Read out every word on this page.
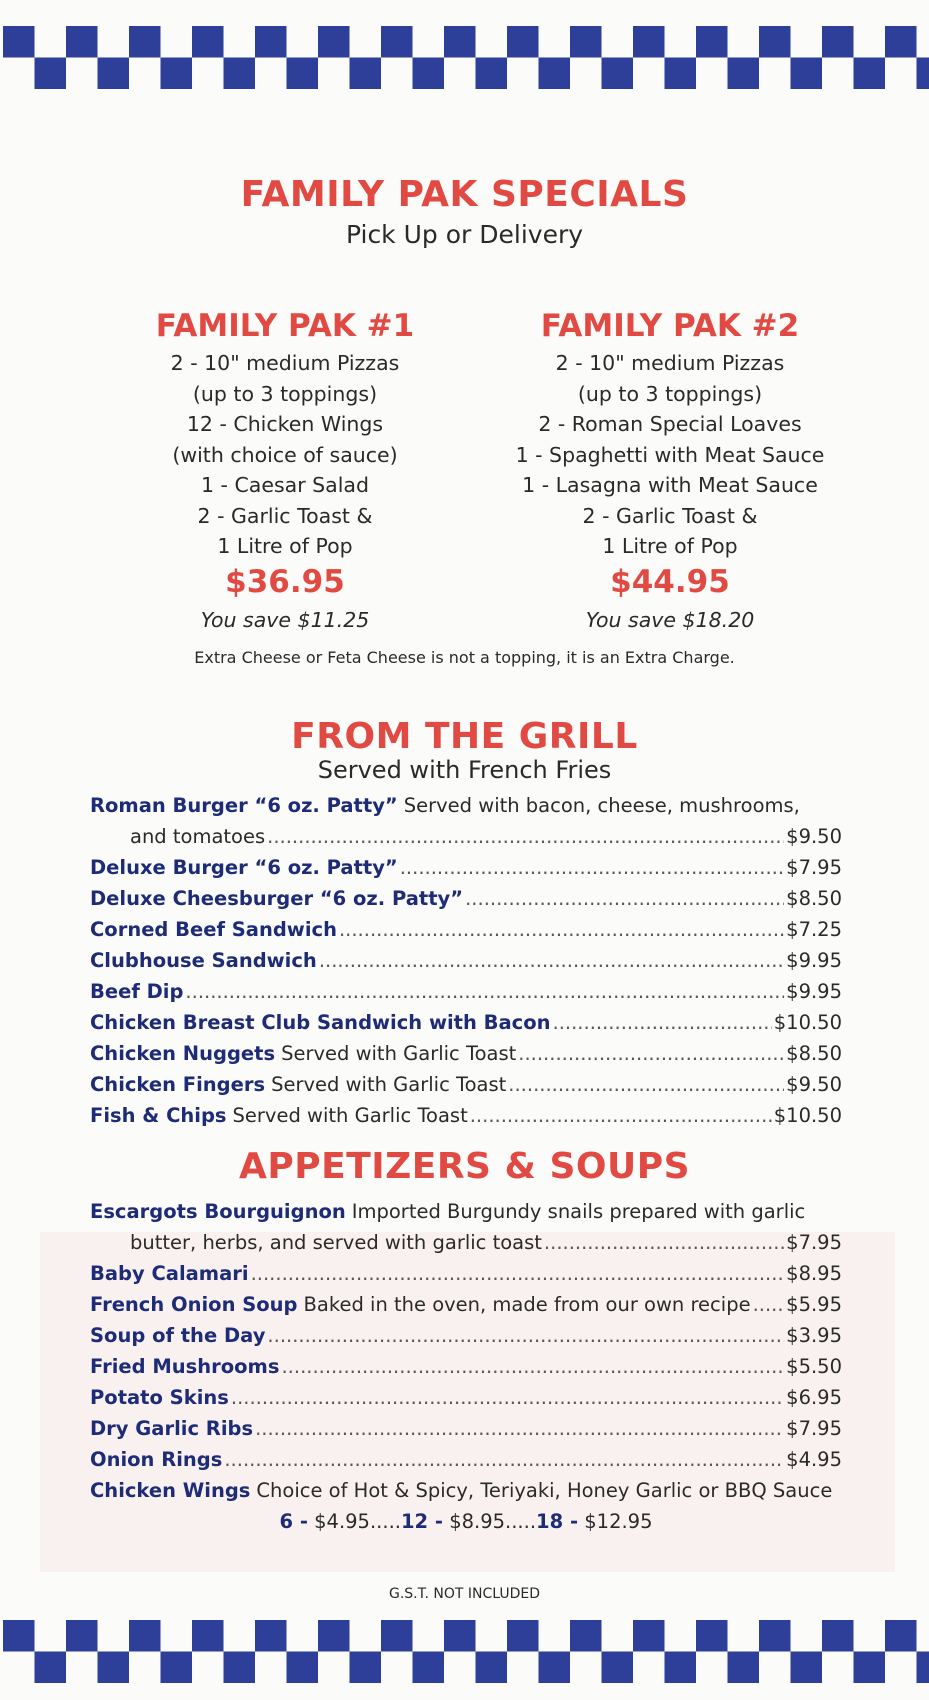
FAMILY PAK SPECIALS
Pick Up or Delivery
FAMILY PAK #1
2 - 10" medium Pizzas
(up to 3 toppings)
12 - Chicken Wings
(with choice of sauce)
1 - Caesar Salad
2 - Garlic Toast &
1 Litre of Pop
$36.95
You save $11.25
FAMILY PAK #2
2 - 10" medium Pizzas
(up to 3 toppings)
2 - Roman Special Loaves
1 - Spaghetti with Meat Sauce
1 - Lasagna with Meat Sauce
2 - Garlic Toast &
1 Litre of Pop
$44.95
You save $18.20
Extra Cheese or Feta Cheese is not a topping, it is an Extra Charge.
FROM THE GRILL
Served with French Fries
Roman Burger “6 oz. Patty” Served with bacon, cheese, mushrooms,
and tomatoes .....	$9.50
Deluxe Burger “6 oz. Patty” .....	$7.95
Deluxe Cheesburger “6 oz. Patty” .....	$8.50
Corned Beef Sandwich .....	$7.25
Clubhouse Sandwich .....	$9.95
Beef Dip .....	$9.95
Chicken Breast Club Sandwich with Bacon .....	$10.50
Chicken Nuggets Served with Garlic Toast .....	$8.50
Chicken Fingers Served with Garlic Toast .....	$9.50
Fish & Chips Served with Garlic Toast .....	$10.50
APPETIZERS & SOUPS
Escargots Bourguignon Imported Burgundy snails prepared with garlic
butter, herbs, and served with garlic toast .....	$7.95
Baby Calamari .....	$8.95
French Onion Soup Baked in the oven, made from our own recipe ..... $5.95
Soup of the Day .....	$3.95
Fried Mushrooms .....	$5.50
Potato Skins .....	$6.95
Dry Garlic Ribs .....	$7.95
Onion Rings .....	$4.95
Chicken Wings Choice of Hot & Spicy, Teriyaki, Honey Garlic or BBQ Sauce
6 - $4.95.....12 - $8.95.....18 - $12.95
G.S.T. NOT INCLUDED
